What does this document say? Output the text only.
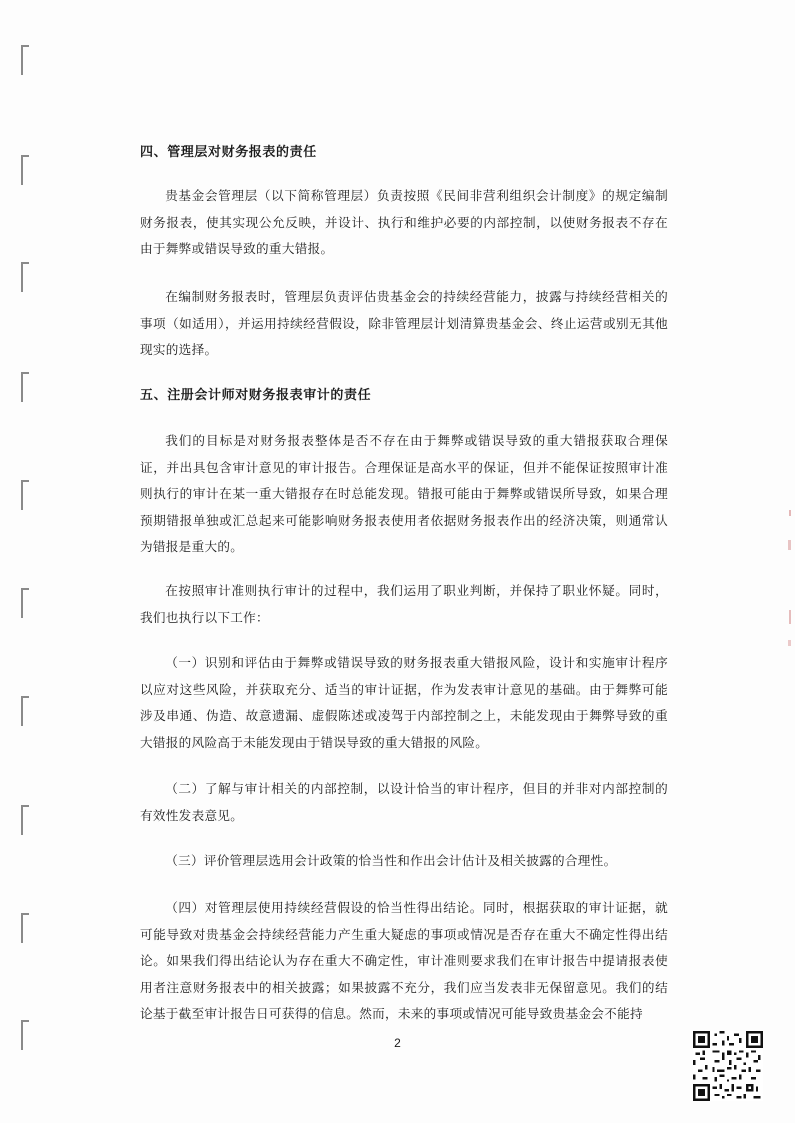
四、管理层对财务报表的责任

贵基金会管理层（以下简称管理层）负责按照《民间非营利组织会计制度》的规定编制财务报表，使其实现公允反映，并设计、执行和维护必要的内部控制，以使财务报表不存在由于舞弊或错误导致的重大错报。

在编制财务报表时，管理层负责评估贵基金会的持续经营能力，披露与持续经营相关的事项（如适用），并运用持续经营假设，除非管理层计划清算贵基金会、终止运营或别无其他现实的选择。

五、注册会计师对财务报表审计的责任

我们的目标是对财务报表整体是否不存在由于舞弊或错误导致的重大错报获取合理保证，并出具包含审计意见的审计报告。合理保证是高水平的保证，但并不能保证按照审计准则执行的审计在某一重大错报存在时总能发现。错报可能由于舞弊或错误所导致，如果合理预期错报单独或汇总起来可能影响财务报表使用者依据财务报表作出的经济决策，则通常认为错报是重大的。

在按照审计准则执行审计的过程中，我们运用了职业判断，并保持了职业怀疑。同时，我们也执行以下工作：

（一）识别和评估由于舞弊或错误导致的财务报表重大错报风险，设计和实施审计程序以应对这些风险，并获取充分、适当的审计证据，作为发表审计意见的基础。由于舞弊可能涉及串通、伪造、故意遗漏、虚假陈述或凌驾于内部控制之上，未能发现由于舞弊导致的重大错报的风险高于未能发现由于错误导致的重大错报的风险。

（二）了解与审计相关的内部控制，以设计恰当的审计程序，但目的并非对内部控制的有效性发表意见。

（三）评价管理层选用会计政策的恰当性和作出会计估计及相关披露的合理性。

（四）对管理层使用持续经营假设的恰当性得出结论。同时，根据获取的审计证据，就可能导致对贵基金会持续经营能力产生重大疑虑的事项或情况是否存在重大不确定性得出结论。如果我们得出结论认为存在重大不确定性，审计准则要求我们在审计报告中提请报表使用者注意财务报表中的相关披露；如果披露不充分，我们应当发表非无保留意见。我们的结论基于截至审计报告日可获得的信息。然而，未来的事项或情况可能导致贵基金会不能持

2
